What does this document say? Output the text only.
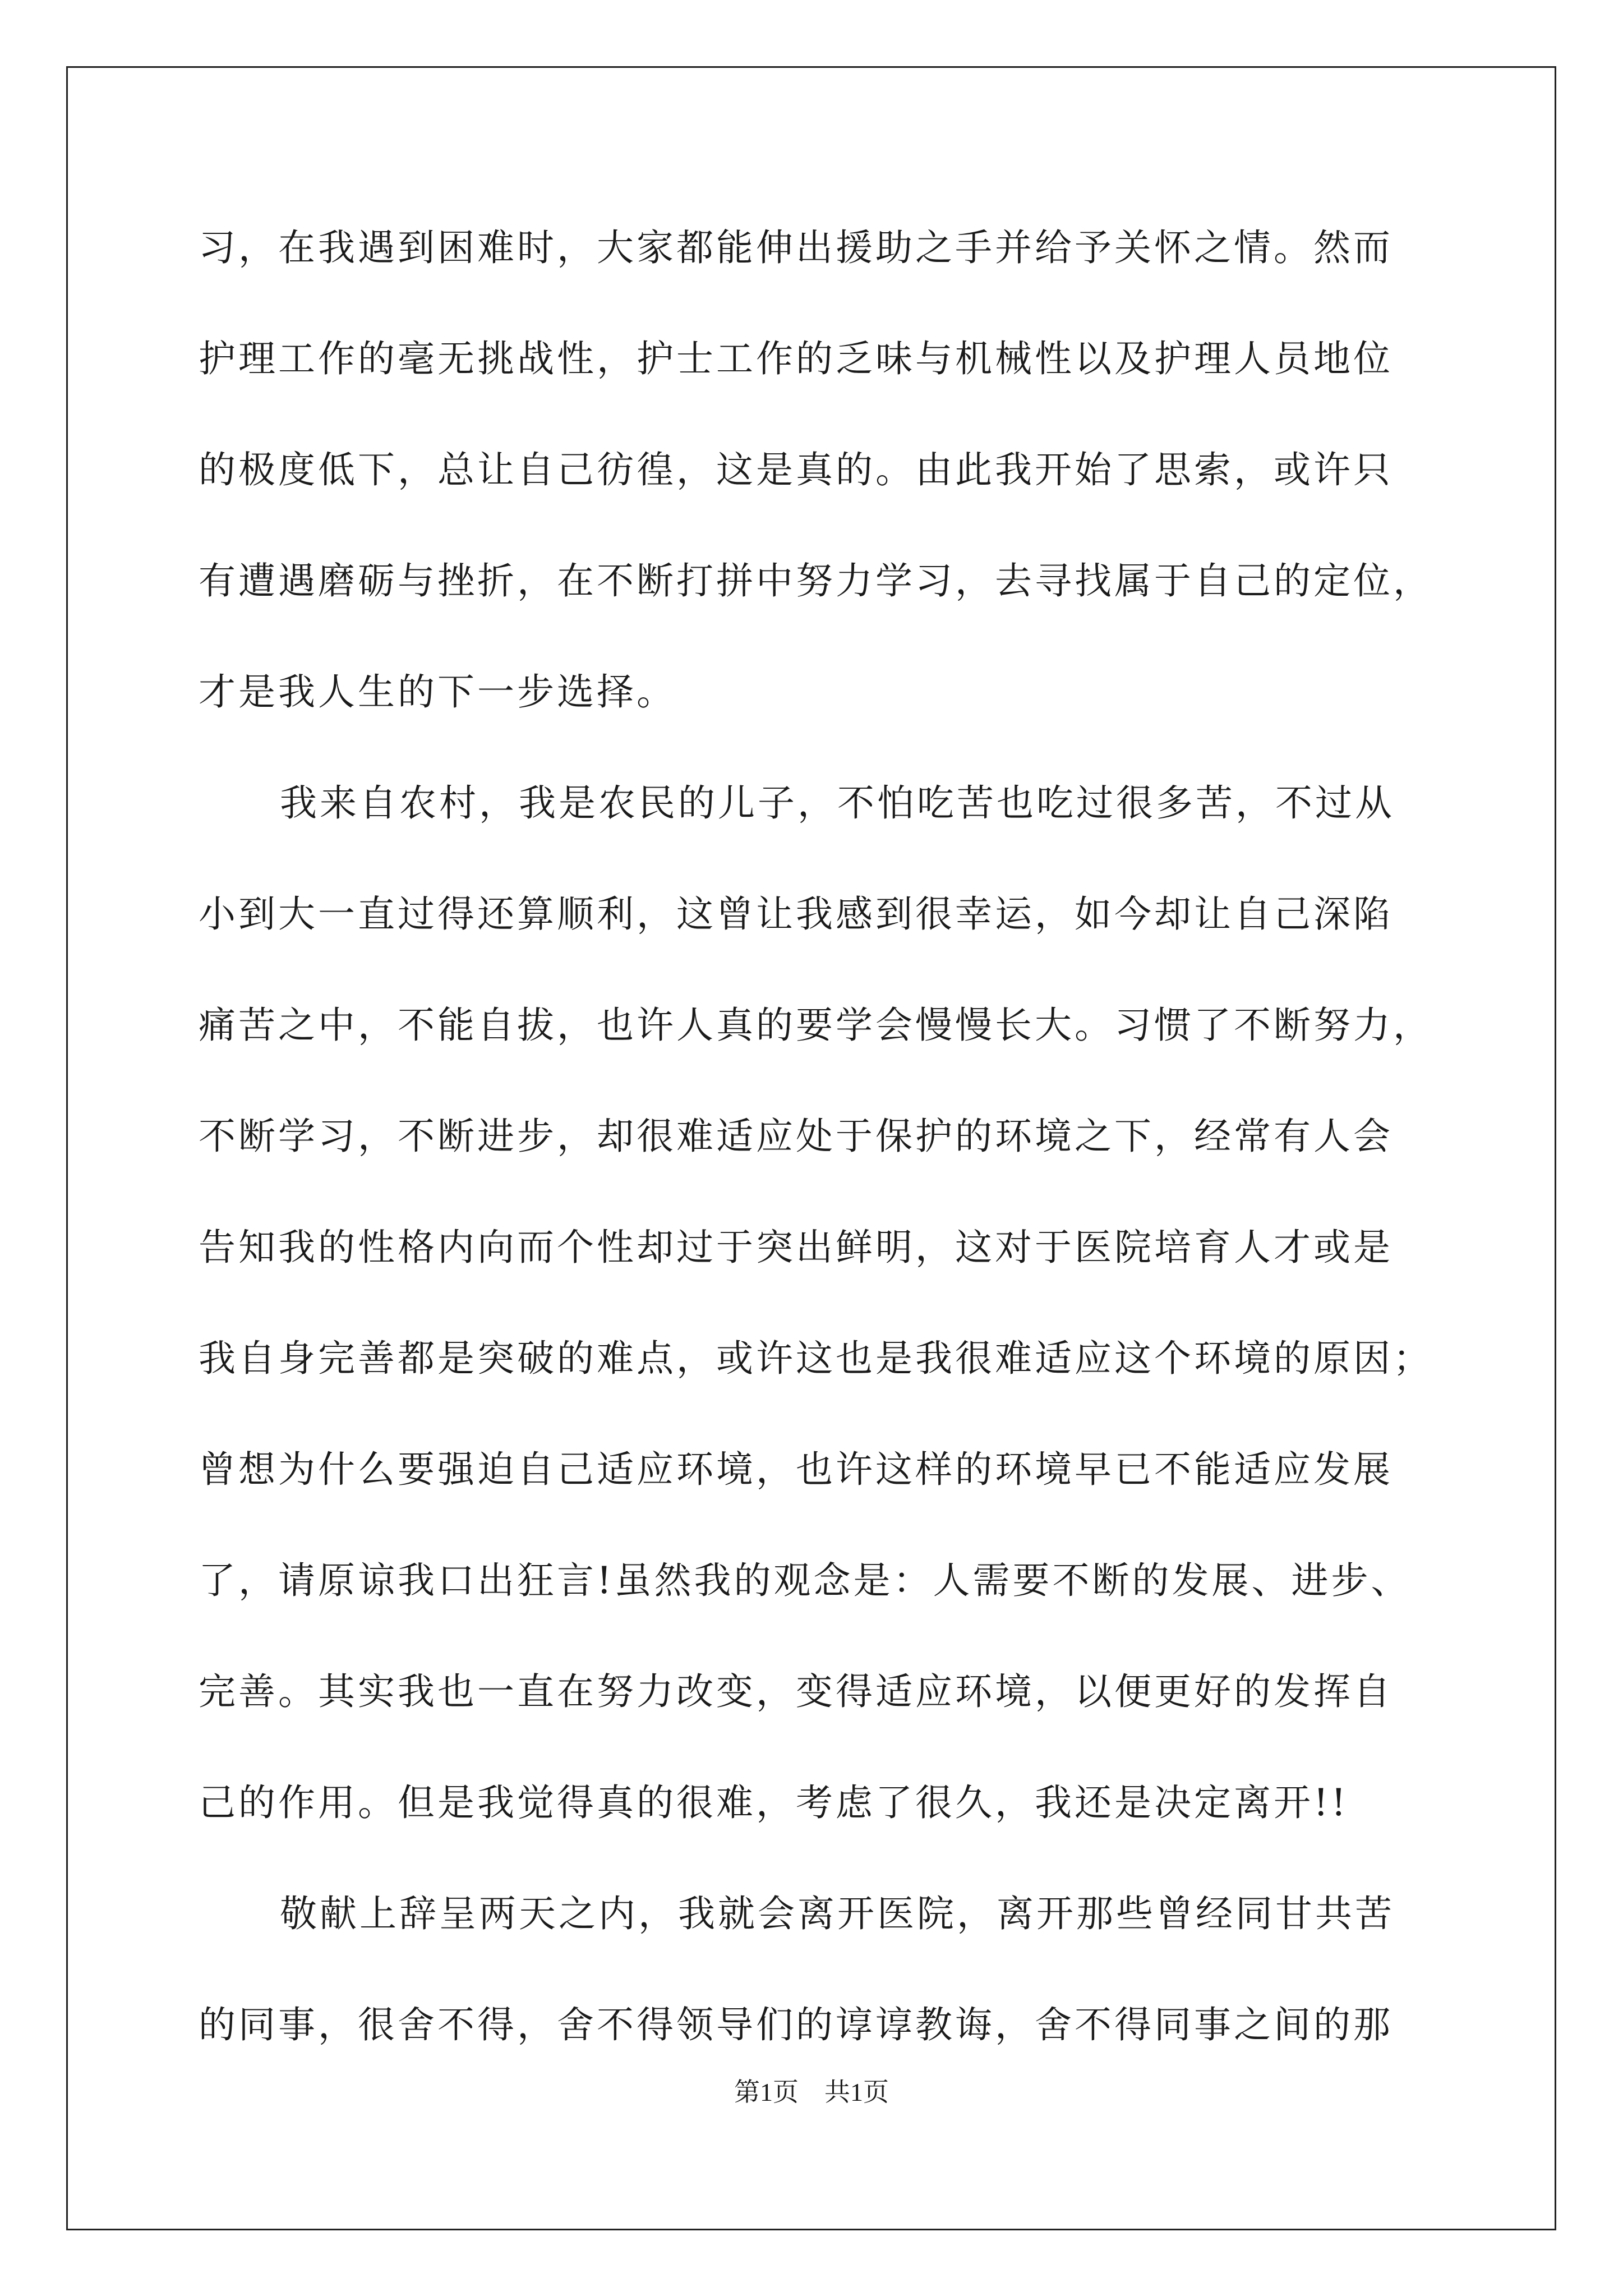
习，在我遇到困难时，大家都能伸出援助之手并给予关怀之情。然而
护理工作的毫无挑战性，护士工作的乏味与机械性以及护理人员地位
的极度低下，总让自己彷徨，这是真的。由此我开始了思索，或许只
有遭遇磨砺与挫折，在不断打拼中努力学习，去寻找属于自己的定位，
才是我人生的下一步选择。
我来自农村，我是农民的儿子，不怕吃苦也吃过很多苦，不过从
小到大一直过得还算顺利，这曾让我感到很幸运，如今却让自己深陷
痛苦之中，不能自拔，也许人真的要学会慢慢长大。习惯了不断努力，
不断学习，不断进步，却很难适应处于保护的环境之下，经常有人会
告知我的性格内向而个性却过于突出鲜明，这对于医院培育人才或是
我自身完善都是突破的难点，或许这也是我很难适应这个环境的原因；
曾想为什么要强迫自己适应环境，也许这样的环境早已不能适应发展
了，请原谅我口出狂言!虽然我的观念是：人需要不断的发展、进步、
完善。其实我也一直在努力改变，变得适应环境，以便更好的发挥自
己的作用。但是我觉得真的很难，考虑了很久，我还是决定离开!!
敬献上辞呈两天之内，我就会离开医院，离开那些曾经同甘共苦
的同事，很舍不得，舍不得领导们的谆谆教诲，舍不得同事之间的那
第1页　共1页
